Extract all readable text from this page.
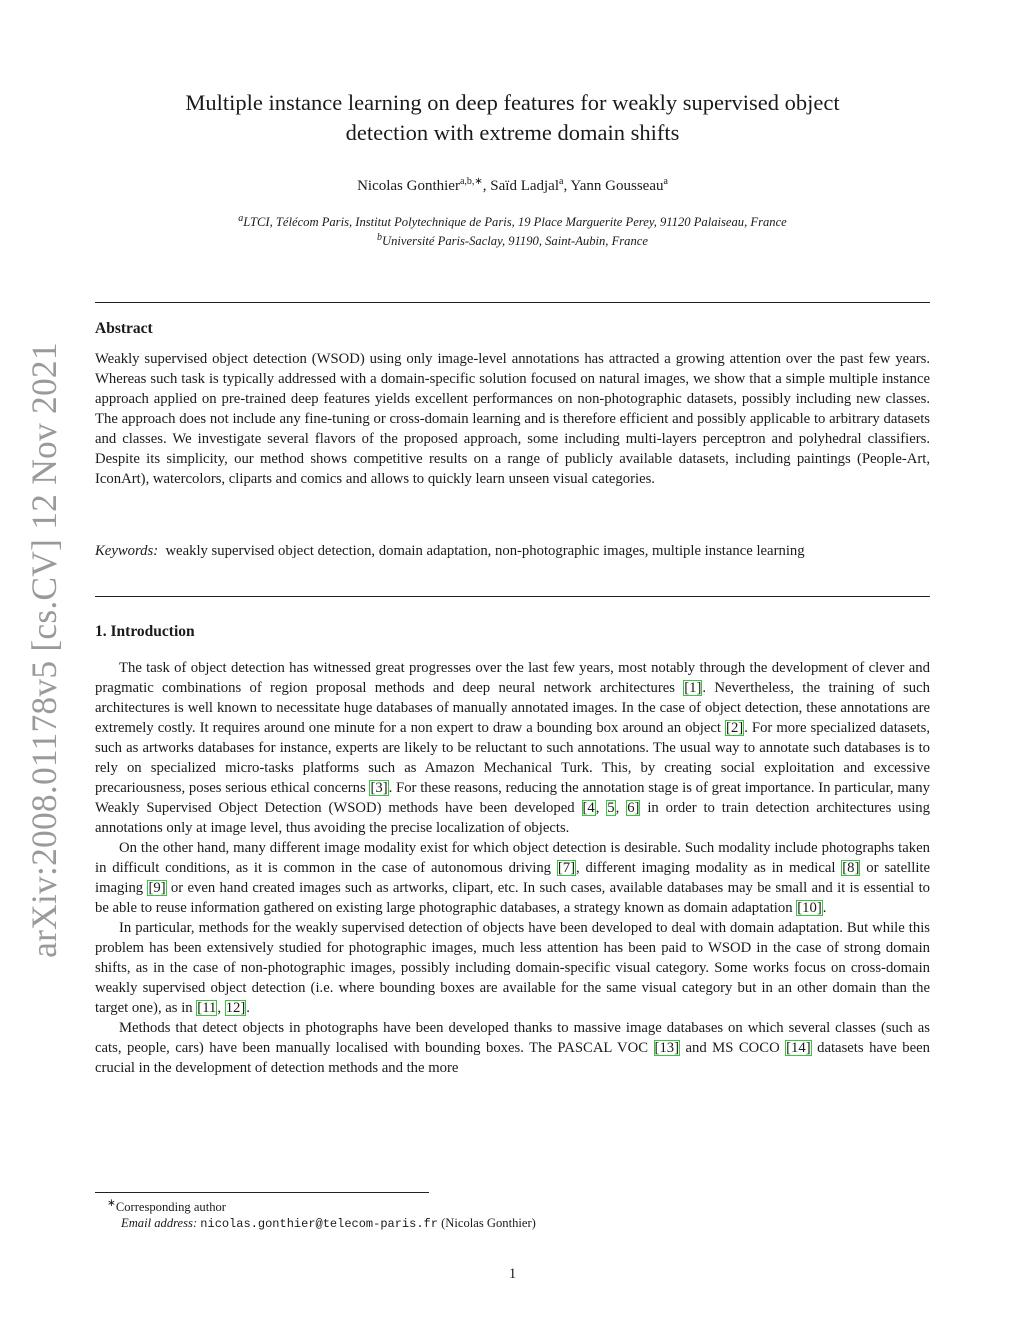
arXiv:2008.01178v5 [cs.CV] 12 Nov 2021
Multiple instance learning on deep features for weakly supervised object
detection with extreme domain shifts
Nicolas Gonthier$^{a,b,∗}$, Saïd Ladjal$^a$, Yann Gousseau$^a$
$^a$LTCI, Télécom Paris, Institut Polytechnique de Paris, 19 Place Marguerite Perey, 91120 Palaiseau, France
$^b$Université Paris-Saclay, 91190, Saint-Aubin, France
Abstract
Weakly supervised object detection (WSOD) using only image-level annotations has attracted a growing attention over the past few years. Whereas such task is typically addressed with a domain-specific solution focused on natural images, we show that a simple multiple instance approach applied on pre-trained deep features yields excellent performances on non-photographic datasets, possibly including new classes. The approach does not include any fine-tuning or cross-domain learning and is therefore efficient and possibly applicable to arbitrary datasets and classes. We investigate several flavors of the proposed approach, some including multi-layers perceptron and polyhedral classifiers. Despite its simplicity, our method shows competitive results on a range of publicly available datasets, including paintings (People-Art, IconArt), watercolors, cliparts and comics and allows to quickly learn unseen visual categories.
Keywords: weakly supervised object detection, domain adaptation, non-photographic images, multiple instance learning
1. Introduction

The task of object detection has witnessed great progresses over the last few years, most notably through the development of clever and pragmatic combinations of region proposal methods and deep neural network architectures [1]. Nevertheless, the training of such architectures is well known to necessitate huge databases of manually annotated images. In the case of object detection, these annotations are extremely costly. It requires around one minute for a non expert to draw a bounding box around an object [2]. For more specialized datasets, such as artworks databases for instance, experts are likely to be reluctant to such annotations. The usual way to annotate such databases is to rely on specialized micro-tasks platforms such as Amazon Mechanical Turk. This, by creating social exploitation and excessive precariousness, poses serious ethical concerns [3]. For these reasons, reducing the annotation stage is of great importance. In particular, many Weakly Supervised Object Detection (WSOD) methods have been developed [4, 5, 6] in order to train detection architectures using annotations only at image level, thus avoiding the precise localization of objects.

On the other hand, many different image modality exist for which object detection is desirable. Such modality include photographs taken in difficult conditions, as it is common in the case of autonomous driving [7], different imaging modality as in medical [8] or satellite imaging [9] or even hand created images such as artworks, clipart, etc. In such cases, available databases may be small and it is essential to be able to reuse information gathered on existing large photographic databases, a strategy known as domain adaptation [10].

In particular, methods for the weakly supervised detection of objects have been developed to deal with domain adaptation. But while this problem has been extensively studied for photographic images, much less attention has been paid to WSOD in the case of strong domain shifts, as in the case of non-photographic images, possibly including domain-specific visual category. Some works focus on cross-domain weakly supervised object detection (i.e. where bounding boxes are available for the same visual category but in an other domain than the target one), as in [11, 12].

Methods that detect objects in photographs have been developed thanks to massive image databases on which several classes (such as cats, people, cars) have been manually localised with bounding boxes. The PASCAL VOC [13] and MS COCO [14] datasets have been crucial in the development of detection methods and the more

∗Corresponding author
Email address: nicolas.gonthier@telecom-paris.fr (Nicolas Gonthier)
1
